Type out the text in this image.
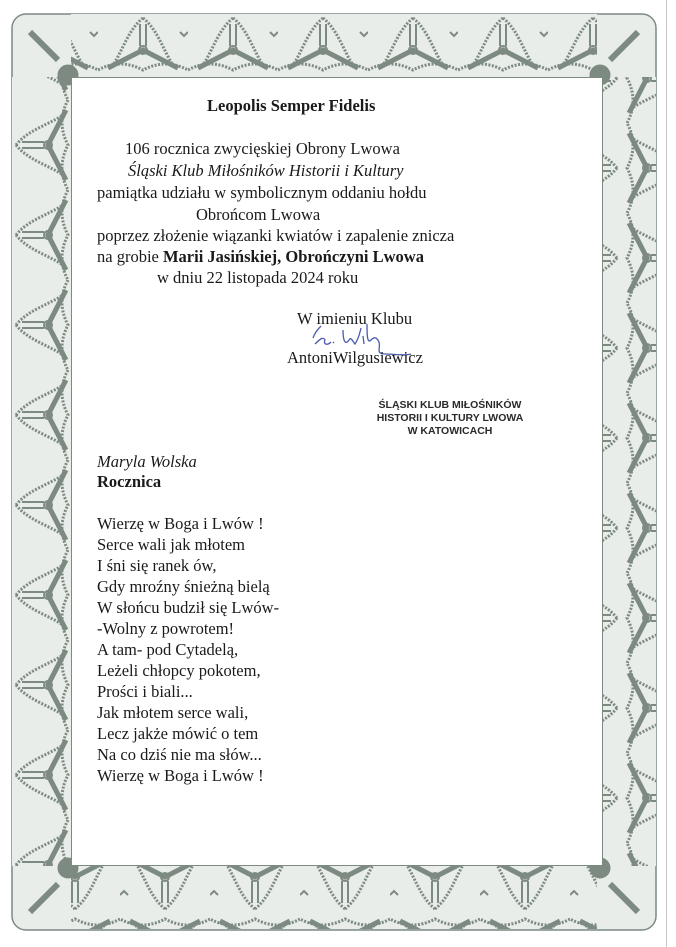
Leopolis Semper Fidelis
106 rocznica zwycięskiej Obrony Lwowa
Śląski Klub Miłośników Historii i Kultury
pamiątka udziału w symbolicznym oddaniu hołdu
Obrońcom Lwowa
poprzez złożenie wiązanki kwiatów i zapalenie znicza
na grobie Marii Jasińskiej, Obrończyni Lwowa
w dniu 22 listopada 2024 roku
W imieniu Klubu
AntoniWilgusiewicz
ŚLĄSKI KLUB MIŁOŚNIKÓW
HISTORII I KULTURY LWOWA
W KATOWICACH
Maryla Wolska
Rocznica
Wierzę w Boga i Lwów !
Serce wali jak młotem
I śni się ranek ów,
Gdy mroźny śnieżną bielą
W słońcu budził się Lwów-
-Wolny z powrotem!
A tam- pod Cytadelą,
Leżeli chłopcy pokotem,
Prości i biali...
Jak młotem serce wali,
Lecz jakże mówić o tem
Na co dziś nie ma słów...
Wierzę w Boga i Lwów !
